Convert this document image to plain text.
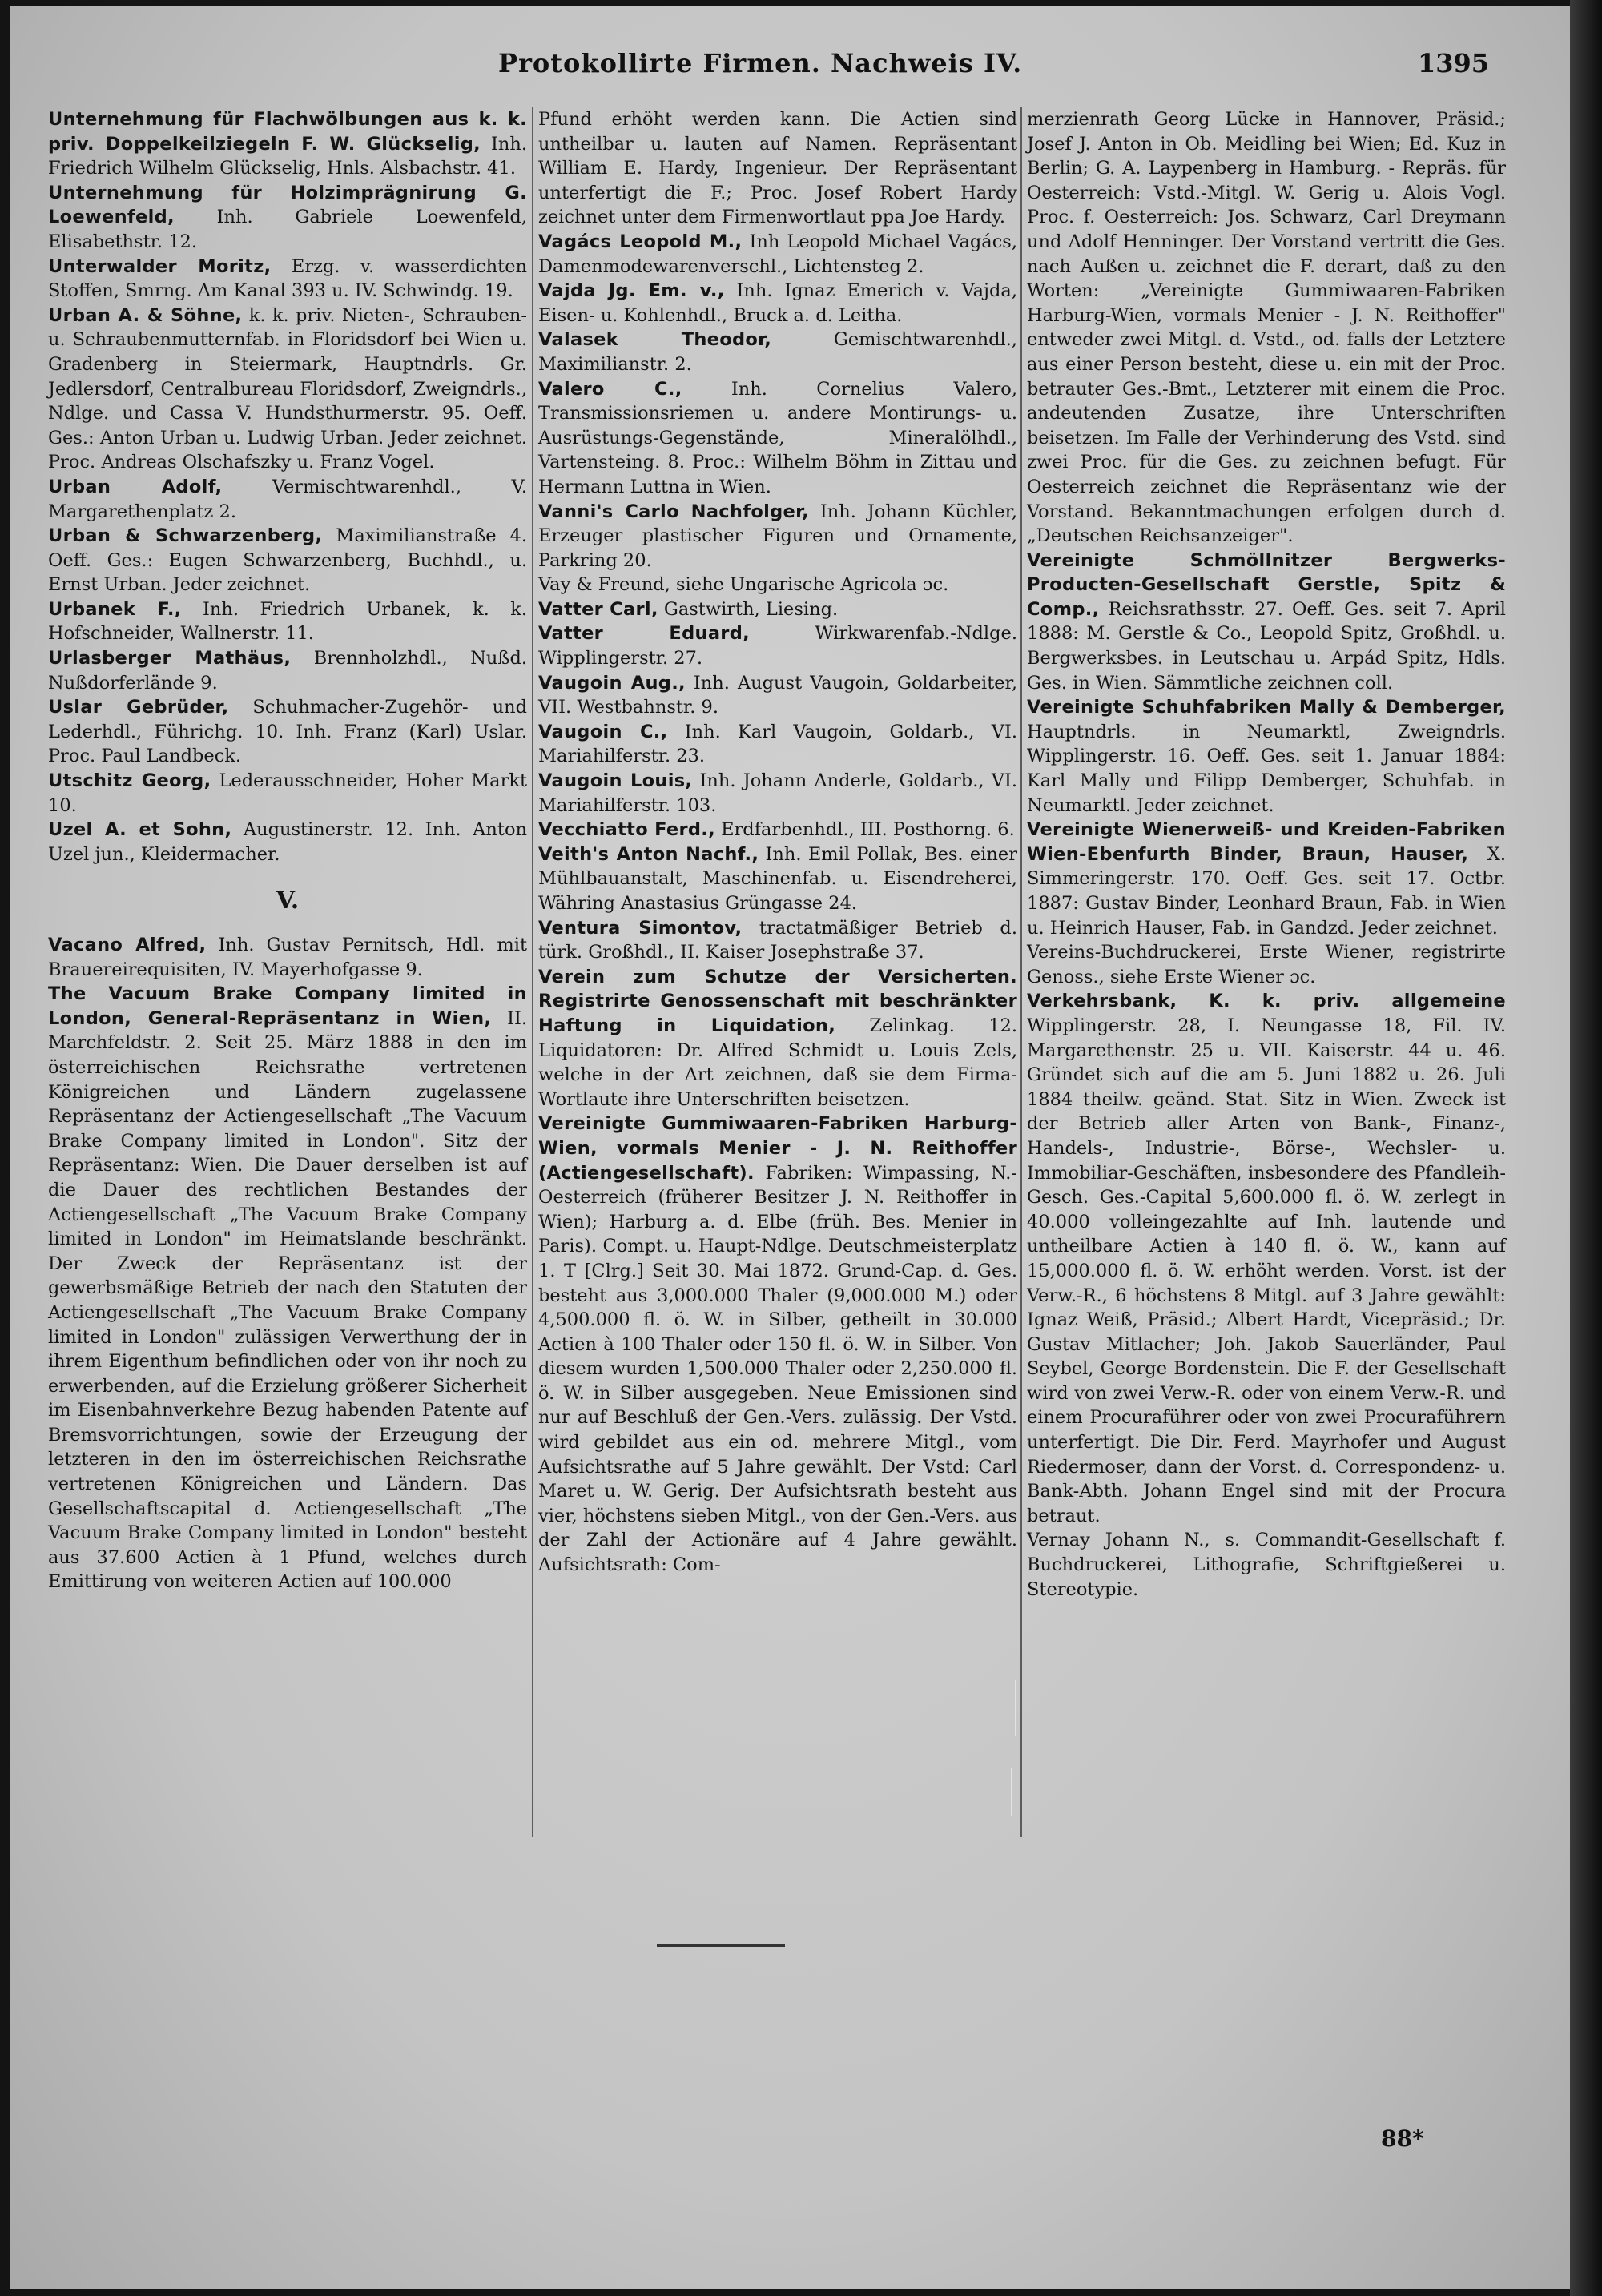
Protokollirte Firmen. Nachweis IV.	1395

Unternehmung für Flachwölbungen aus k. k. priv. Doppelkeilziegeln F. W. Glückselig, Inh. Friedrich Wilhelm Glückselig, Hnls. Alsbachstr. 41.

Unternehmung für Holzimprägnirung G. Loewenfeld, Inh. Gabriele Loewenfeld, Elisabethstr. 12.

Unterwalder Moritz, Erzg. v. wasserdichten Stoffen, Smrng. Am Kanal 393 u. IV. Schwindg. 19.

Urban A. & Söhne, k. k. priv. Nieten-, Schrauben- u. Schraubenmutternfab. in Floridsdorf bei Wien u. Gradenberg in Steiermark, Hauptndrls. Gr. Jedlersdorf, Centralbureau Floridsdorf, Zweigndrls., Ndlge. und Cassa V. Hundsthurmerstr. 95. Oeff. Ges.: Anton Urban u. Ludwig Urban. Jeder zeichnet. Proc. Andreas Olschafszky u. Franz Vogel.

Urban Adolf,	Vermischtwarenhdl., V. Margarethenplatz 2.

Urban & Schwarzenberg, Maximilianstraße 4. Oeff. Ges.: Eugen Schwarzenberg, Buchhdl., u. Ernst Urban. Jeder zeichnet.

Urbanek F., Inh. Friedrich Urbanek, k. k. Hofschneider, Wallnerstr. 11.

Urlasberger Mathäus, Brennholzhdl., Nußd. Nußdorferlände 9.

Uslar Gebrüder, Schuhmacher-Zugehör- und Lederhdl., Führichg. 10. Inh. Franz (Karl) Uslar. Proc. Paul Landbeck.

Utschitz Georg, Lederausschneider, Hoher Markt 10.

Uzel A. et Sohn, Augustinerstr. 12. Inh. Anton Uzel jun., Kleidermacher.

V.

Vacano Alfred, Inh. Gustav Pernitsch, Hdl. mit Brauereirequisiten, IV. Mayerhofgasse 9.

The Vacuum Brake Company limited in London, General-Repräsentanz in Wien, II. Marchfeldstr. 2. Seit 25. März 1888 in den im österreichischen Reichsrathe vertretenen Königreichen und Ländern zugelassene Repräsentanz der Actiengesellschaft „The Vacuum Brake Company limited in London". Sitz der Repräsentanz: Wien. Die Dauer derselben ist auf die Dauer des rechtlichen Bestandes der Actiengesellschaft „The Vacuum Brake Company limited in London" im Heimatslande beschränkt. Der Zweck der Repräsentanz ist der gewerbsmäßige Betrieb der nach den Statuten der Actiengesellschaft „The Vacuum Brake Company limited in London" zulässigen Verwerthung der in ihrem Eigenthum befindlichen oder von ihr noch zu erwerbenden, auf die Erzielung größerer Sicherheit im Eisenbahnverkehre Bezug habenden Patente auf Bremsvorrichtungen, sowie der Erzeugung der letzteren in den im österreichischen Reichsrathe vertretenen Königreichen und Ländern. Das Gesellschaftscapital d. Actiengesellschaft „The Vacuum Brake Company limited in London" besteht aus 37.600 Actien à 1 Pfund, welches durch Emittirung von weiteren Actien auf 100.000

Pfund erhöht werden kann. Die Actien sind untheilbar u. lauten auf Namen. Repräsentant William E. Hardy, Ingenieur. Der Repräsentant unterfertigt die F.; Proc. Josef Robert Hardy zeichnet unter dem Firmenwortlaut ppa Joe Hardy.

Vagács Leopold M., Inh Leopold Michael Vagács, Damenmodewarenverschl., Lichtensteg 2.

Vajda Jg. Em. v., Inh. Ignaz Emerich v. Vajda, Eisen- u. Kohlenhdl., Bruck a. d. Leitha.

Valasek Theodor,	Gemischtwarenhdl., Maximilianstr. 2.

Valero C.,	Inh. Cornelius Valero, Transmissionsriemen u. andere Montirungs- u. Ausrüstungs-Gegenstände, Mineralölhdl., Vartensteing. 8. Proc.: Wilhelm Böhm in Zittau und Hermann Luttna in Wien.

Vanni's Carlo Nachfolger, Inh. Johann Küchler, Erzeuger plastischer Figuren und Ornamente, Parkring 20.

Vay & Freund, siehe Ungarische Agricola ɔc.

Vatter Carl, Gastwirth, Liesing.

Vatter Eduard,	Wirkwarenfab.-Ndlge. Wipplingerstr. 27.

Vaugoin Aug., Inh. August Vaugoin, Goldarbeiter, VII. Westbahnstr. 9.

Vaugoin C., Inh. Karl Vaugoin, Goldarb., VI. Mariahilferstr. 23.

Vaugoin Louis, Inh. Johann Anderle, Goldarb., VI. Mariahilferstr. 103.

Vecchiatto Ferd., Erdfarbenhdl., III. Posthorng. 6.

Veith's Anton Nachf., Inh. Emil Pollak, Bes. einer Mühlbauanstalt, Maschinenfab. u. Eisendreherei, Währing Anastasius Grüngasse 24.

Ventura Simontov, tractatmäßiger Betrieb d. türk. Großhdl., II. Kaiser Josephstraße 37.

Verein zum Schutze der Versicherten. Registrirte Genossenschaft mit beschränkter Haftung in Liquidation, Zelinkag. 12. Liquidatoren: Dr. Alfred Schmidt u. Louis Zels, welche in der Art zeichnen, daß sie dem Firma-Wortlaute ihre Unterschriften beisetzen.

Vereinigte Gummiwaaren-Fabriken Harburg-Wien, vormals Menier - J. N. Reithoffer (Actiengesellschaft). Fabriken: Wimpassing, N.-Oesterreich (früherer Besitzer J. N. Reithoffer in Wien); Harburg a. d. Elbe (früh. Bes. Menier in Paris). Compt. u. Haupt-Ndlge. Deutschmeisterplatz 1. T [Clrg.] Seit 30. Mai 1872. Grund-Cap. d. Ges. besteht aus 3,000.000 Thaler (9,000.000 M.) oder 4,500.000 fl. ö. W. in Silber, getheilt in 30.000 Actien à 100 Thaler oder 150 fl. ö. W. in Silber. Von diesem wurden 1,500.000 Thaler oder 2,250.000 fl. ö. W. in Silber ausgegeben. Neue Emissionen sind nur auf Beschluß der Gen.-Vers. zulässig. Der Vstd. wird gebildet aus ein od. mehrere Mitgl., vom Aufsichtsrathe auf 5 Jahre gewählt. Der Vstd: Carl Maret u. W. Gerig. Der Aufsichtsrath besteht aus vier, höchstens sieben Mitgl., von der Gen.-Vers. aus der Zahl der Actionäre auf 4 Jahre gewählt. Aufsichtsrath: Com-

merzienrath Georg Lücke in Hannover, Präsid.; Josef J. Anton in Ob. Meidling bei Wien; Ed. Kuz in Berlin; G. A. Laypenberg in Hamburg. - Repräs. für Oesterreich: Vstd.-Mitgl. W. Gerig u. Alois Vogl. Proc. f. Oesterreich: Jos. Schwarz, Carl Dreymann und Adolf Henninger. Der Vorstand vertritt die Ges. nach Außen u. zeichnet die F. derart, daß zu den Worten: „Vereinigte Gummiwaaren-Fabriken Harburg-Wien, vormals Menier - J. N. Reithoffer" entweder zwei Mitgl. d. Vstd., od. falls der Letztere aus einer Person besteht, diese u. ein mit der Proc. betrauter Ges.-Bmt., Letzterer mit einem die Proc. andeutenden Zusatze, ihre Unterschriften beisetzen. Im Falle der Verhinderung des Vstd. sind zwei Proc. für die Ges. zu zeichnen befugt. Für Oesterreich zeichnet die Repräsentanz wie der Vorstand. Bekanntmachungen erfolgen durch d. „Deutschen Reichsanzeiger".

Vereinigte Schmöllnitzer Bergwerks-Producten-Gesellschaft Gerstle, Spitz & Comp., Reichsrathsstr. 27. Oeff. Ges. seit 7. April 1888: M. Gerstle & Co., Leopold Spitz, Großhdl. u. Bergwerksbes. in Leutschau u. Arpád Spitz, Hdls. Ges. in Wien. Sämmtliche zeichnen coll.

Vereinigte Schuhfabriken Mally & Demberger, Hauptndrls. in Neumarktl, Zweigndrls. Wipplingerstr. 16. Oeff. Ges. seit 1. Januar 1884: Karl Mally und Filipp Demberger, Schuhfab. in Neumarktl. Jeder zeichnet.

Vereinigte Wienerweiß- und Kreiden-Fabriken Wien-Ebenfurth Binder, Braun, Hauser, X. Simmeringerstr. 170. Oeff. Ges. seit 17. Octbr. 1887: Gustav Binder, Leonhard Braun, Fab. in Wien u. Heinrich Hauser, Fab. in Gandzd. Jeder zeichnet.

Vereins-Buchdruckerei, Erste Wiener, registrirte Genoss., siehe Erste Wiener ɔc.

Verkehrsbank, K. k. priv. allgemeine Wipplingerstr. 28, I. Neungasse 18, Fil. IV. Margarethenstr. 25 u. VII. Kaiserstr. 44 u. 46. Gründet sich auf die am 5. Juni 1882 u. 26. Juli 1884 theilw. geänd. Stat. Sitz in Wien. Zweck ist der Betrieb aller Arten von Bank-, Finanz-, Handels-, Industrie-, Börse-, Wechsler- u. Immobiliar-Geschäften, insbesondere des Pfandleih-Gesch. Ges.-Capital 5,600.000 fl. ö. W. zerlegt in 40.000 volleingezahlte auf Inh. lautende und untheilbare Actien à 140 fl. ö. W., kann auf 15,000.000 fl. ö. W. erhöht werden. Vorst. ist der Verw.-R., 6 höchstens 8 Mitgl. auf 3 Jahre gewählt: Ignaz Weiß, Präsid.; Albert Hardt, Vicepräsid.; Dr. Gustav Mitlacher; Joh. Jakob Sauerländer, Paul Seybel, George Bordenstein. Die F. der Gesellschaft wird von zwei Verw.-R. oder von einem Verw.-R. und einem Procuraführer oder von zwei Procuraführern unterfertigt. Die Dir. Ferd. Mayrhofer und August Riedermoser, dann der Vorst. d. Correspondenz- u. Bank-Abth. Johann Engel sind mit der Procura betraut.

Vernay Johann N., s. Commandit-Gesellschaft f. Buchdruckerei, Lithografie, Schriftgießerei u. Stereotypie.

88*
